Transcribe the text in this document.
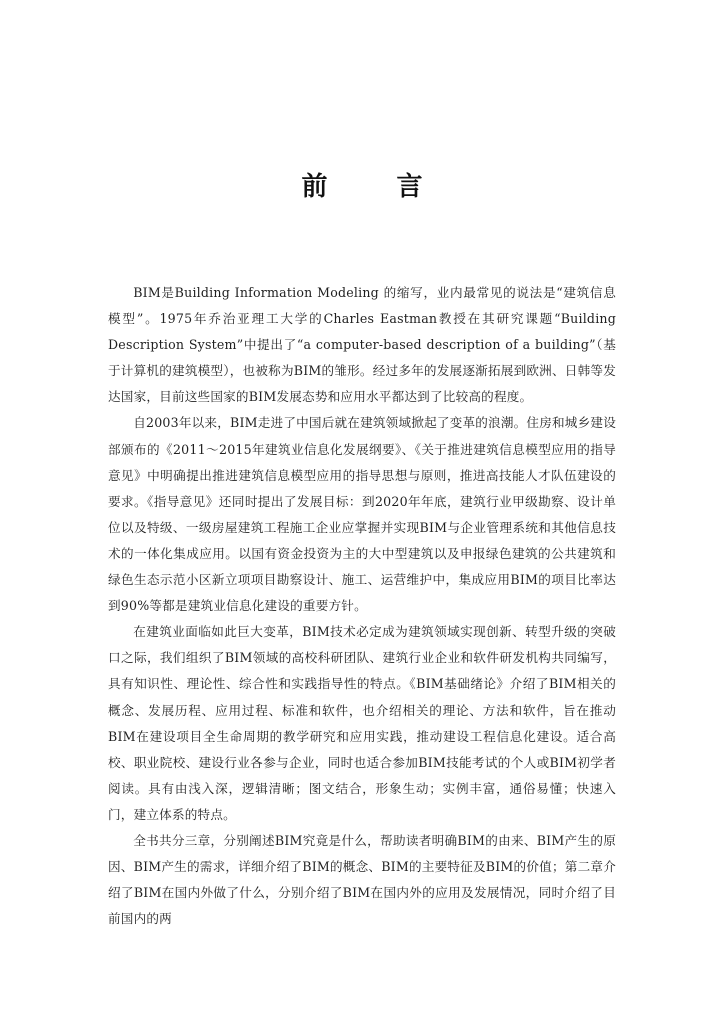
前 言

BIM是Building Information Modeling 的缩写，业内最常见的说法是“建筑信息模型”。1975年乔治亚理工大学的Charles Eastman教授在其研究课题“Building Description System”中提出了“a computer-based description of a building”（基于计算机的建筑模型），也被称为BIM的雏形。经过多年的发展逐渐拓展到欧洲、日韩等发达国家，目前这些国家的BIM发展态势和应用水平都达到了比较高的程度。

自2003年以来，BIM走进了中国后就在建筑领域掀起了变革的浪潮。住房和城乡建设部颁布的《2011～2015年建筑业信息化发展纲要》、《关于推进建筑信息模型应用的指导意见》中明确提出推进建筑信息模型应用的指导思想与原则，推进高技能人才队伍建设的要求。《指导意见》还同时提出了发展目标：到2020年年底，建筑行业甲级勘察、设计单位以及特级、一级房屋建筑工程施工企业应掌握并实现BIM与企业管理系统和其他信息技术的一体化集成应用。以国有资金投资为主的大中型建筑以及申报绿色建筑的公共建筑和绿色生态示范小区新立项项目勘察设计、施工、运营维护中，集成应用BIM的项目比率达到90%等都是建筑业信息化建设的重要方针。

在建筑业面临如此巨大变革，BIM技术必定成为建筑领域实现创新、转型升级的突破口之际，我们组织了BIM领域的高校科研团队、建筑行业企业和软件研发机构共同编写，具有知识性、理论性、综合性和实践指导性的特点。《BIM基础绪论》介绍了BIM相关的概念、发展历程、应用过程、标准和软件，也介绍相关的理论、方法和软件，旨在推动BIM在建设项目全生命周期的教学研究和应用实践，推动建设工程信息化建设。适合高校、职业院校、建设行业各参与企业，同时也适合参加BIM技能考试的个人或BIM初学者阅读。具有由浅入深，逻辑清晰；图文结合，形象生动；实例丰富，通俗易懂；快速入门，建立体系的特点。

全书共分三章，分别阐述BIM究竟是什么，帮助读者明确BIM的由来、BIM产生的原因、BIM产生的需求，详细介绍了BIM的概念、BIM的主要特征及BIM的价值；第二章介绍了BIM在国内外做了什么，分别介绍了BIM在国内外的应用及发展情况，同时介绍了目前国内的两
